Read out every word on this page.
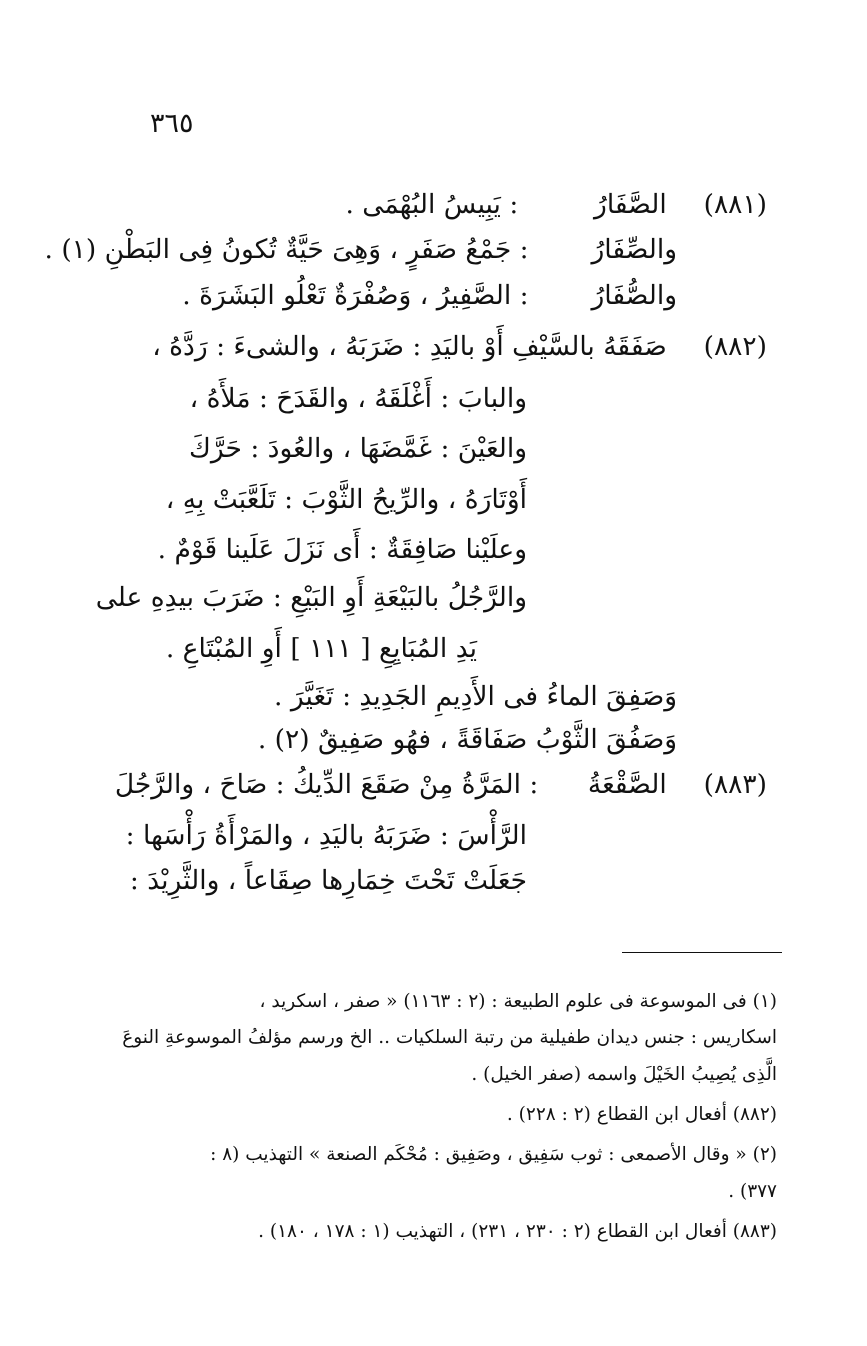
٣٦٥
(٨٨١)  الصَّفَارُ : يَبِيسُ البُهْمَى .
والصِّفَارُ : جَمْعُ صَفَرٍ ، وَهِىَ حَيَّةٌ تُكونُ فِى البَطْنِ (١) .
والصُّفَارُ : الصَّفِيرُ ، وَصُفْرَةٌ تَعْلُو البَشَرَةَ .
(٨٨٢)  صَفَقَهُ بالسَّيْفِ أَوْ باليَدِ : ضَرَبَهُ ، والشىءَ : رَدَّهُ ،
والبابَ : أَغْلَقَهُ ، والقَدَحَ : مَلأَهُ ،
والعَيْنَ : غَمَّضَهَا ، والعُودَ : حَرَّكَ
أَوْتَارَهُ ، والرِّيحُ الثَّوْبَ : تَلَعَّبَتْ بِهِ ،
وعلَيْنا صَافِقَةٌ : أَى نَزَلَ عَلَينا قَوْمٌ .
والرَّجُلُ بالبَيْعَةِ أَوِ البَيْعِ : ضَرَبَ بيدِهِ على
يَدِ المُبَايِعِ [ ١١١ ] أَوِ المُبْتَاعِ .
وَصَفِقَ الماءُ فى الأَدِيمِ الجَدِيدِ : تَغَيَّرَ .
وَصَفُقَ الثَّوْبُ صَفَاقَةً ، فهُو صَفِيقٌ (٢) .
(٨٨٣)  الصَّقْعَةُ : المَرَّةُ مِنْ صَقَعَ الدِّيكُ : صَاحَ ، والرَّجُلَ
الرَّأْسَ : ضَرَبَهُ باليَدِ ، والمَرْأَةُ رَأْسَها :
جَعَلَتْ تَحْتَ خِمَارِها صِقَاعاً ، والثَّرِيْدَ :
(١) فى الموسوعة فى علوم الطبيعة : (٢ : ١١٦٣) « صفر ، اسكريد ،
اسكاريس : جنس ديدان طفيلية من رتبة السلكيات .. الخ ورسم مؤلفُ الموسوعةِ النوعَ
الَّذِى يُصِيبُ الخَيْلَ واسمه (صفر الخيل) .
(٨٨٢) أفعال ابن القطاع (٢ : ٢٢٨) .
(٢) « وقال الأصمعى : ثوب سَفِيق ، وصَفِيق : مُحْكَم الصنعة » التهذيب (٨ :
٣٧٧) .
(٨٨٣) أفعال ابن القطاع (٢ : ٢٣٠ ، ٢٣١) ، التهذيب (١ : ١٧٨ ، ١٨٠) .
